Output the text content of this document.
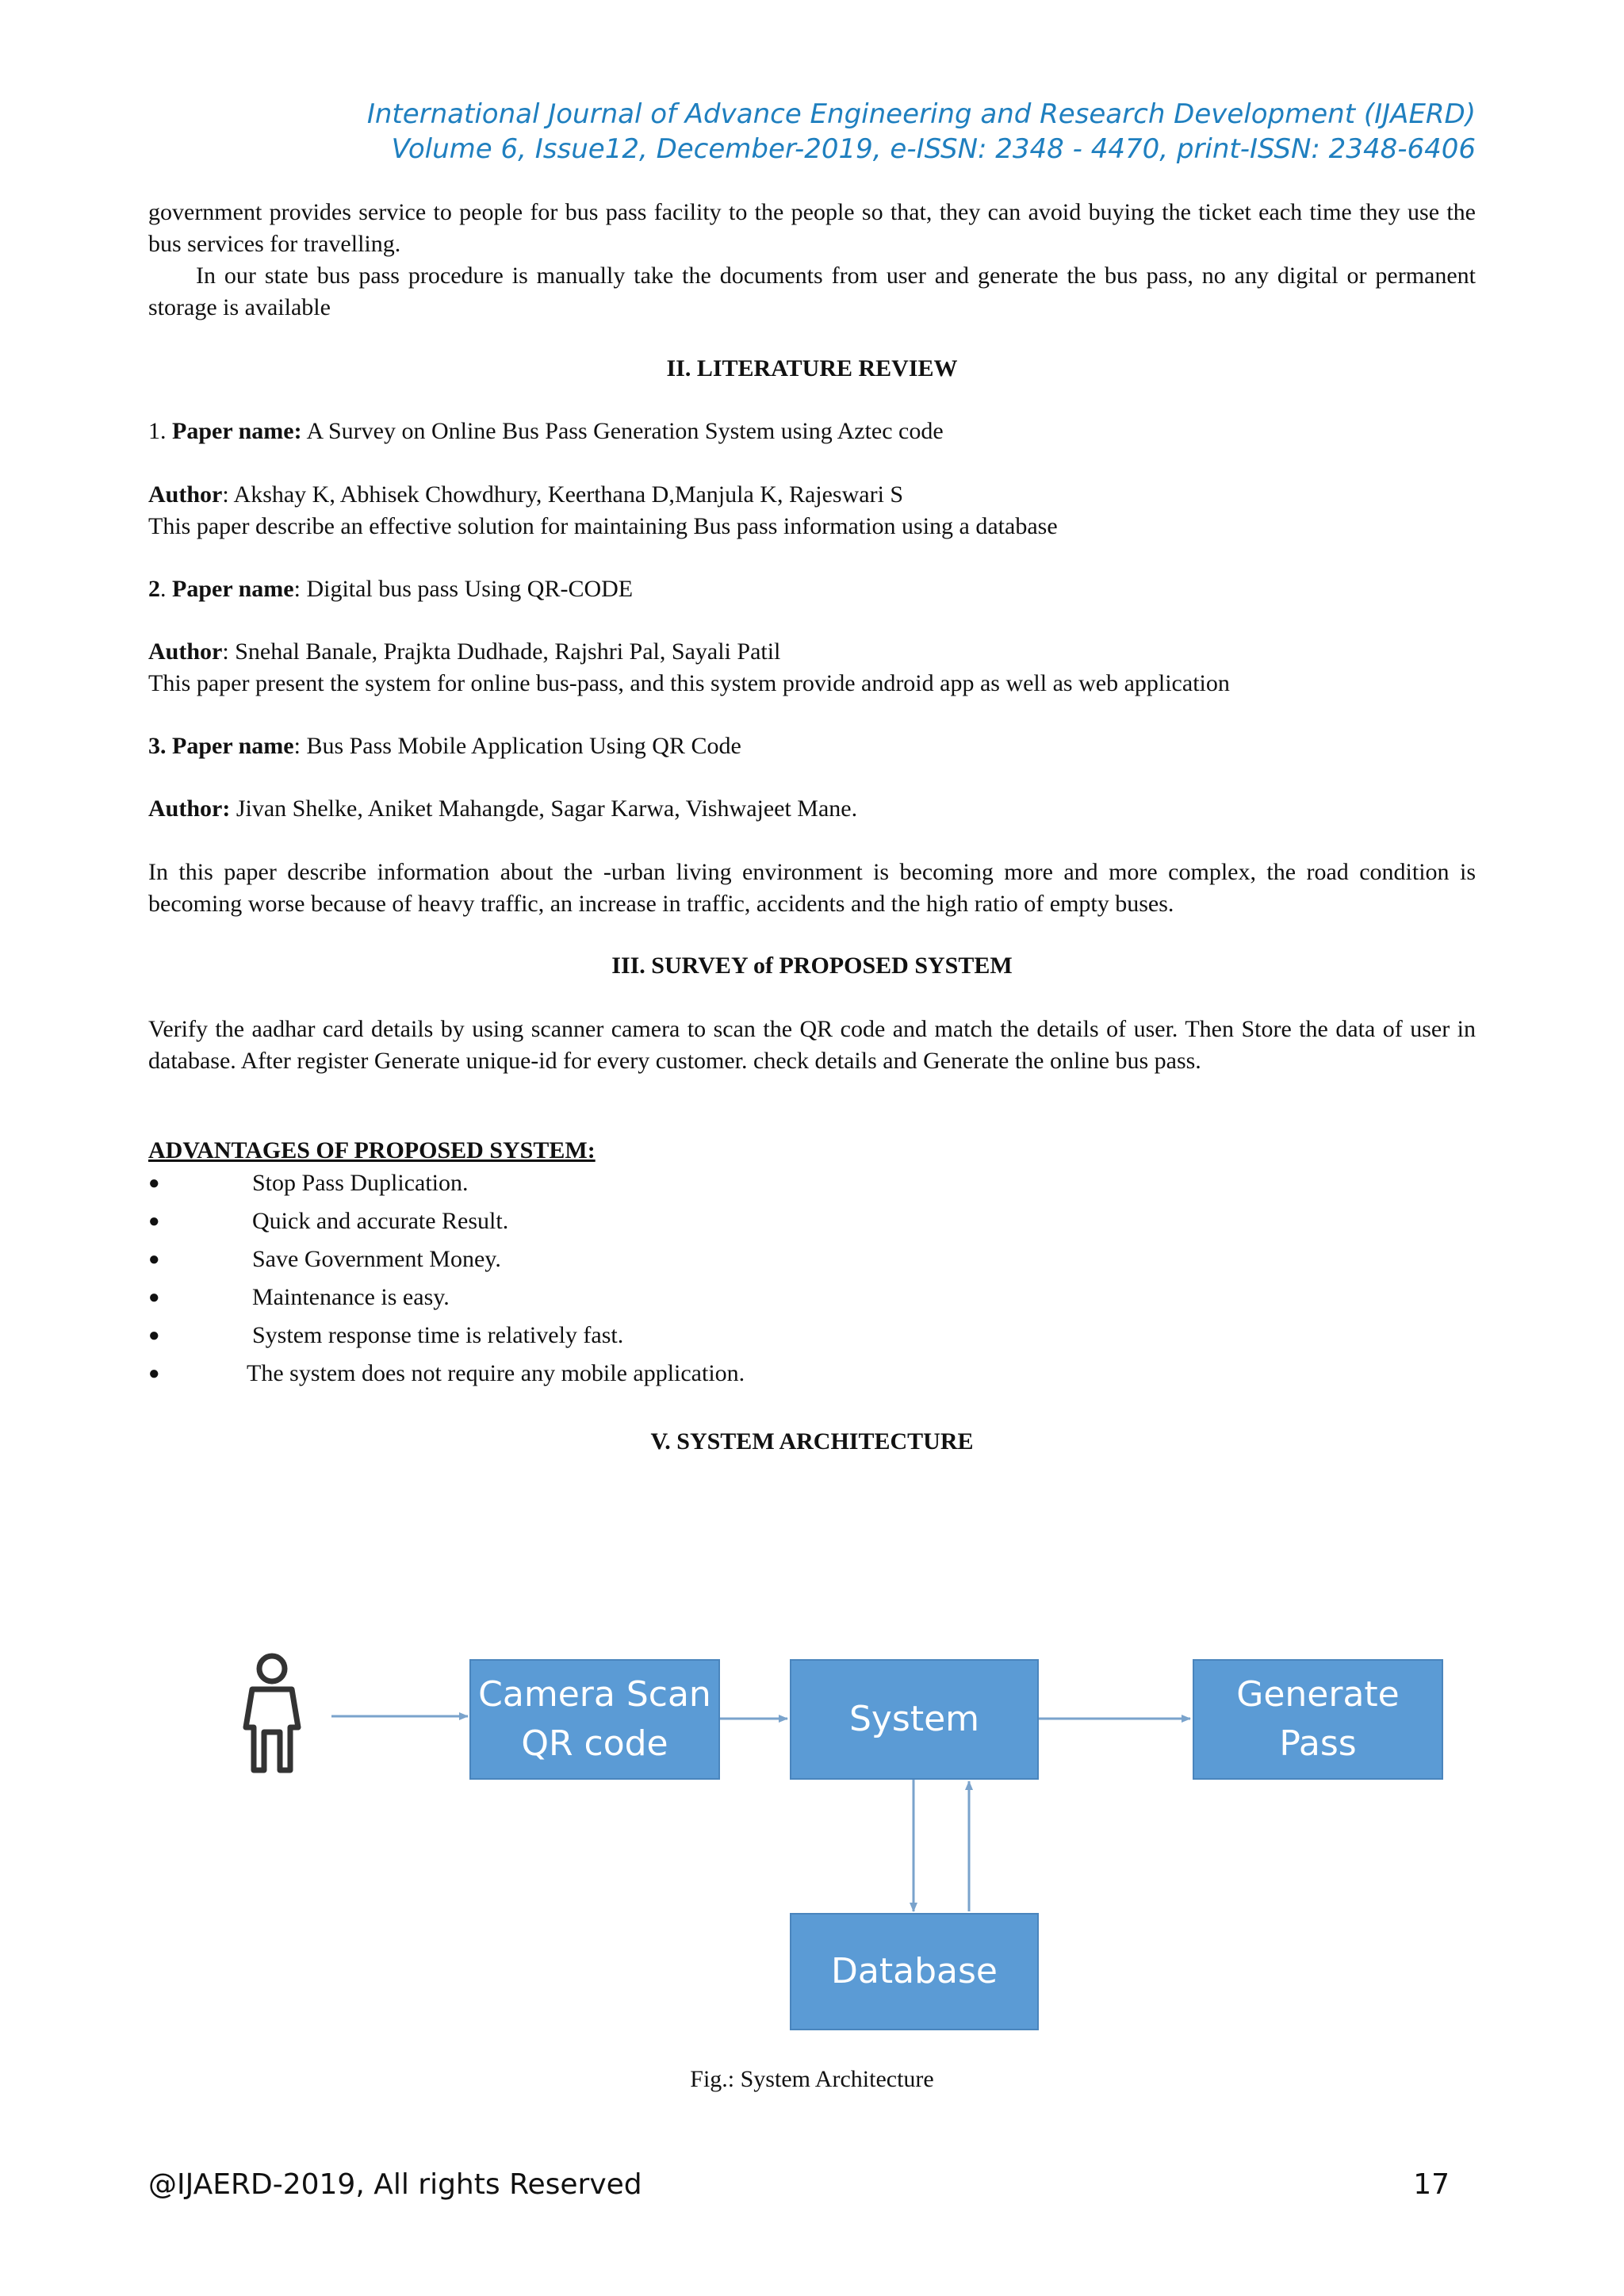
International Journal of Advance Engineering and Research Development (IJAERD)
Volume 6, Issue12, December-2019, e-ISSN: 2348 - 4470, print-ISSN: 2348-6406
government provides service to people for bus pass facility to the people so that, they can avoid buying the ticket each time they use the bus services for travelling.
In our state bus pass procedure is manually take the documents from user and generate the bus pass, no any digital or permanent storage is available
II. LITERATURE REVIEW
1. Paper name: A Survey on Online Bus Pass Generation System using Aztec code
Author: Akshay K, Abhisek Chowdhury, Keerthana D,Manjula K, Rajeswari S
This paper describe an effective solution for maintaining Bus pass information using a database
2. Paper name: Digital bus pass Using QR-CODE
Author: Snehal Banale, Prajkta Dudhade, Rajshri Pal, Sayali Patil
This paper present the system for online bus-pass, and this system provide android app as well as web application
3. Paper name: Bus Pass Mobile Application Using QR Code
Author: Jivan Shelke, Aniket Mahangde, Sagar Karwa, Vishwajeet Mane.
In this paper describe information about the -urban living environment is becoming more and more complex, the road condition is becoming worse because of heavy traffic, an increase in traffic, accidents and the high ratio of empty buses.
III. SURVEY of PROPOSED SYSTEM
Verify the aadhar card details by using scanner camera to scan the QR code and match the details of user. Then Store the data of user in database. After register Generate unique-id for every customer. check details and Generate the online bus pass.
ADVANTAGES OF PROPOSED SYSTEM:
●	Stop Pass Duplication.
●	Quick and accurate Result.
●	Save Government Money.
●	Maintenance is easy.
●	System response time is relatively fast.
●	The system does not require any mobile application.
V. SYSTEM ARCHITECTURE
Camera Scan
QR code
System
Generate
Pass
Database
Fig.: System Architecture
@IJAERD-2019, All rights Reserved	17
